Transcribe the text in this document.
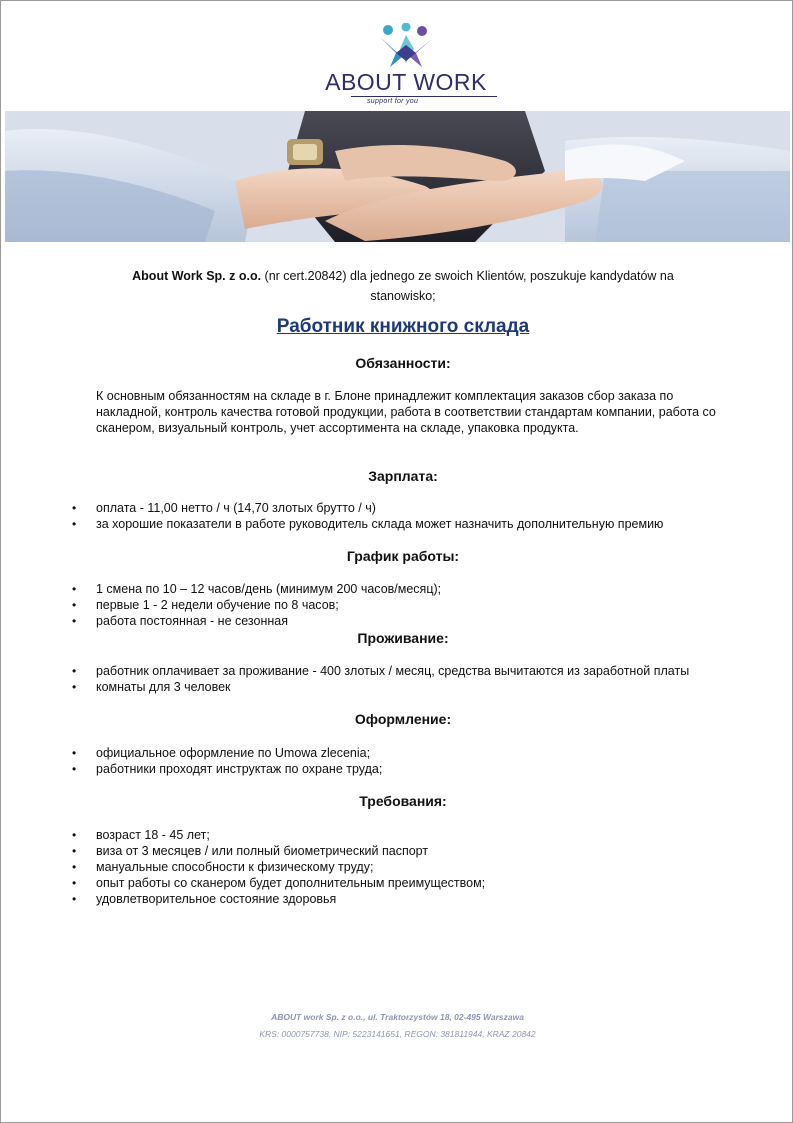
ABOUT WORK
support for you
About Work Sp. z o.o. (nr cert.20842) dla jednego ze swoich Klientów, poszukuje kandydatów na stanowisko;
Работник книжного склада
Обязанности:
К основным обязанностям на складе в г. Блоне принадлежит комплектация заказов сбор заказа по накладной, контроль качества готовой продукции, работа в соответствии стандартам компании, работа со сканером, визуальный контроль, учет ассортимента на складе, упаковка продукта.
Зарплата:
• оплата - 11,00 нетто / ч (14,70 злотых брутто / ч)
• за хорошие показатели в работе руководитель склада может назначить дополнительную премию
График работы:
• 1 смена по 10 – 12 часов/день (минимум 200 часов/месяц);
• первые 1 - 2 недели обучение по 8 часов;
• работа постоянная - не сезонная
Проживание:
• работник оплачивает за проживание - 400 злотых / месяц, средства вычитаются из заработной платы
• комнаты для 3 человек
Оформление:
• официальное оформление по Umowa zlecenia;
• работники проходят инструктаж по охране труда;
Требования:
• возраст 18 - 45 лет;
• виза от 3 месяцев / или полный биометрический паспорт
• мануальные способности к физическому труду;
• опыт работы со сканером будет дополнительным преимуществом;
• удовлетворительное состояние здоровья
ABOUT work Sp. z o.o., ul. Traktorzystów 18, 02-495 Warszawa
KRS: 0000757738. NIP: 5223141651, REGON: 381811944, KRAZ 20842
